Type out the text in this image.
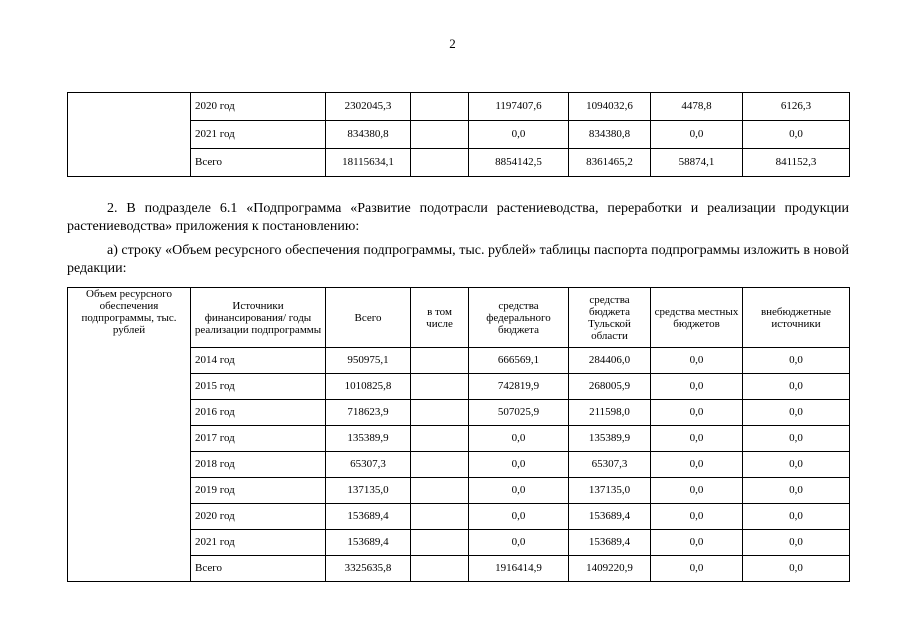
2
	2020 год	2302045,3		1197407,6	1094032,6	4478,8	6126,3
	2021 год	834380,8		0,0	834380,8	0,0	0,0
	Всего	18115634,1		8854142,5	8361465,2	58874,1	841152,3

2. В подразделе 6.1 «Подпрограмма «Развитие подотрасли растениеводства, переработки и реализации продукции растениеводства» приложения к постановлению:

а) строку «Объем ресурсного обеспечения подпрограммы, тыс. рублей» таблицы паспорта подпрограммы изложить в новой редакции:

Объем ресурсного обеспечения подпрограммы, тыс. рублей	Источники финансирования/ годы реализации подпрограммы	Всего	в том числе	средства федерального бюджета	средства бюджета Тульской области	средства местных бюджетов	внебюджетные источники
	2014 год	950975,1		666569,1	284406,0	0,0	0,0
	2015 год	1010825,8		742819,9	268005,9	0,0	0,0
	2016 год	718623,9		507025,9	211598,0	0,0	0,0
	2017 год	135389,9		0,0	135389,9	0,0	0,0
	2018 год	65307,3		0,0	65307,3	0,0	0,0
	2019 год	137135,0		0,0	137135,0	0,0	0,0
	2020 год	153689,4		0,0	153689,4	0,0	0,0
	2021 год	153689,4		0,0	153689,4	0,0	0,0
	Всего	3325635,8		1916414,9	1409220,9	0,0	0,0
